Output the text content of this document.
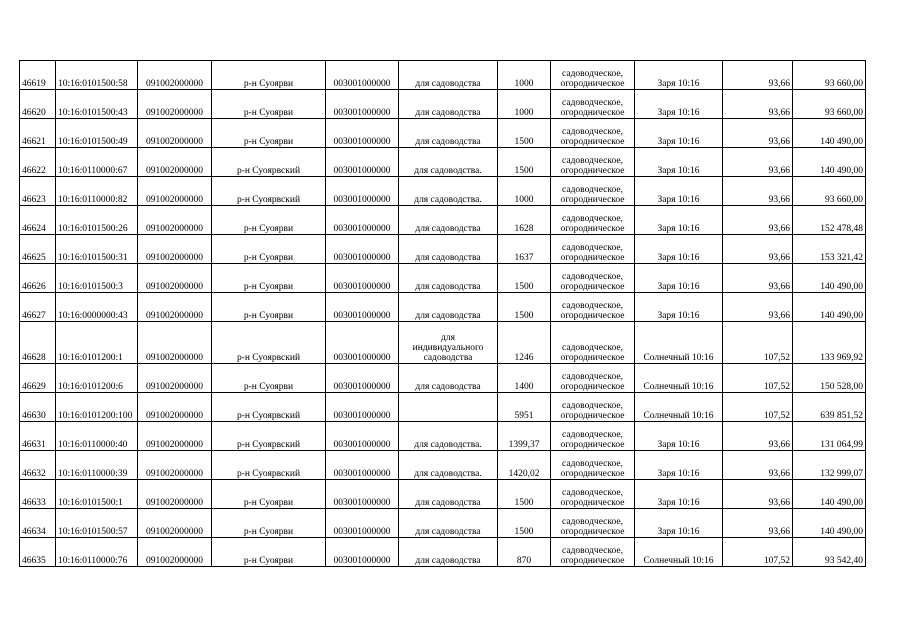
46619	10:16:0101500:58	091002000000	р-н Суоярви	003001000000	для садоводства	1000	садоводческое,
огородническое	Заря 10:16	93,66	93 660,00
46620	10:16:0101500:43	091002000000	р-н Суоярви	003001000000	для садоводства	1000	садоводческое,
огородническое	Заря 10:16	93,66	93 660,00
46621	10:16:0101500:49	091002000000	р-н Суоярви	003001000000	для садоводства	1500	садоводческое,
огородническое	Заря 10:16	93,66	140 490,00
46622	10:16:0110000:67	091002000000	р-н Суоярвский	003001000000	для садоводства.	1500	садоводческое,
огородническое	Заря 10:16	93,66	140 490,00
46623	10:16:0110000:82	091002000000	р-н Суоярвский	003001000000	для садоводства.	1000	садоводческое,
огородническое	Заря 10:16	93,66	93 660,00
46624	10:16:0101500:26	091002000000	р-н Суоярви	003001000000	для садоводства	1628	садоводческое,
огородническое	Заря 10:16	93,66	152 478,48
46625	10:16:0101500:31	091002000000	р-н Суоярви	003001000000	для садоводства	1637	садоводческое,
огородническое	Заря 10:16	93,66	153 321,42
46626	10:16:0101500:3	091002000000	р-н Суоярви	003001000000	для садоводства	1500	садоводческое,
огородническое	Заря 10:16	93,66	140 490,00
46627	10:16:0000000:43	091002000000	р-н Суоярви	003001000000	для садоводства	1500	садоводческое,
огородническое	Заря 10:16	93,66	140 490,00
46628	10:16:0101200:1	091002000000	р-н Суоярвский	003001000000	для
индивидуального
садоводства	1246	садоводческое,
огородническое	Солнечный 10:16	107,52	133 969,92
46629	10:16:0101200:6	091002000000	р-н Суоярви	003001000000	для садоводства	1400	садоводческое,
огородническое	Солнечный 10:16	107,52	150 528,00
46630	10:16:0101200:100	091002000000	р-н Суоярвский	003001000000		5951	садоводческое,
огородническое	Солнечный 10:16	107,52	639 851,52
46631	10:16:0110000:40	091002000000	р-н Суоярвский	003001000000	для садоводства.	1399,37	садоводческое,
огородническое	Заря 10:16	93,66	131 064,99
46632	10:16:0110000:39	091002000000	р-н Суоярвский	003001000000	для садоводства.	1420,02	садоводческое,
огородническое	Заря 10:16	93,66	132 999,07
46633	10:16:0101500:1	091002000000	р-н Суоярви	003001000000	для садоводства	1500	садоводческое,
огородническое	Заря 10:16	93,66	140 490,00
46634	10:16:0101500:57	091002000000	р-н Суоярви	003001000000	для садоводства	1500	садоводческое,
огородническое	Заря 10:16	93,66	140 490,00
46635	10:16:0110000:76	091002000000	р-н Суоярви	003001000000	для садоводства	870	садоводческое,
огородническое	Солнечный 10:16	107,52	93 542,40
